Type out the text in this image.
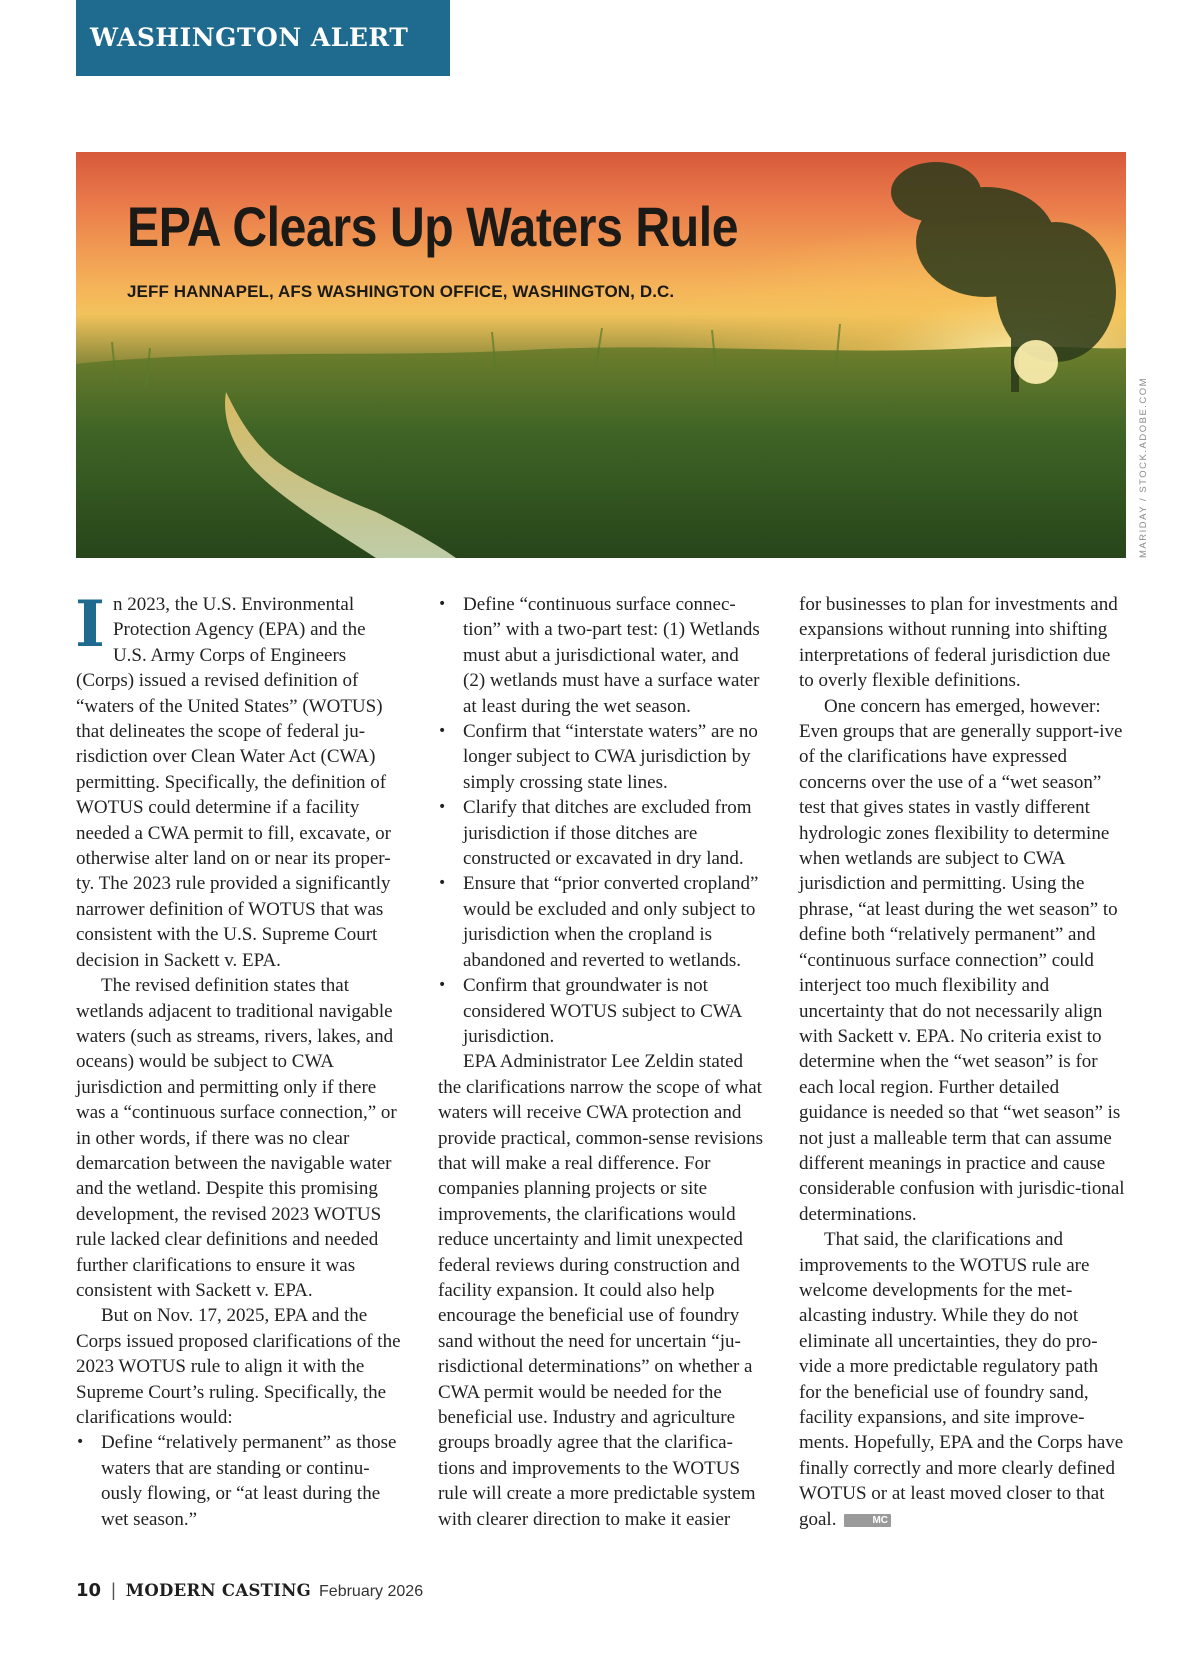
WASHINGTON ALERT
EPA Clears Up Waters Rule

JEFF HANNAPEL, AFS WASHINGTON OFFICE, WASHINGTON, D.C.

MARIDAY / STOCK.ADOBE.COM

In 2023, the U.S. Environmental Protection Agency (EPA) and the U.S. Army Corps of Engineers (Corps) issued a revised definition of “waters of the United States” (WOTUS) that delineates the scope of federal ju-risdiction over Clean Water Act (CWA) permitting. Specifically, the definition of WOTUS could determine if a facility needed a CWA permit to fill, excavate, or otherwise alter land on or near its proper-ty. The 2023 rule provided a significantly narrower definition of WOTUS that was consistent with the U.S. Supreme Court decision in Sackett v. EPA.

The revised definition states that wetlands adjacent to traditional navigable waters (such as streams, rivers, lakes, and oceans) would be subject to CWA jurisdiction and permitting only if there was a “continuous surface connection,” or in other words, if there was no clear demarcation between the navigable water and the wetland. Despite this promising development, the revised 2023 WOTUS rule lacked clear definitions and needed further clarifications to ensure it was consistent with Sackett v. EPA.

But on Nov. 17, 2025, EPA and the Corps issued proposed clarifications of the 2023 WOTUS rule to align it with the Supreme Court’s ruling. Specifically, the clarifications would:

• Define “relatively permanent” as those waters that are standing or continu-ously flowing, or “at least during the wet season.”
• Define “continuous surface connec-tion” with a two-part test: (1) Wetlands must abut a jurisdictional water, and (2) wetlands must have a surface water at least during the wet season.
• Confirm that “interstate waters” are no longer subject to CWA jurisdiction by simply crossing state lines.
• Clarify that ditches are excluded from jurisdiction if those ditches are constructed or excavated in dry land.
• Ensure that “prior converted cropland” would be excluded and only subject to jurisdiction when the cropland is abandoned and reverted to wetlands.
• Confirm that groundwater is not considered WOTUS subject to CWA jurisdiction.

EPA Administrator Lee Zeldin stated the clarifications narrow the scope of what waters will receive CWA protection and provide practical, common-sense revisions that will make a real difference. For companies planning projects or site improvements, the clarifications would reduce uncertainty and limit unexpected federal reviews during construction and facility expansion. It could also help encourage the beneficial use of foundry sand without the need for uncertain “ju-risdictional determinations” on whether a CWA permit would be needed for the beneficial use. Industry and agriculture groups broadly agree that the clarifica-tions and improvements to the WOTUS rule will create a more predictable system with clearer direction to make it easier

for businesses to plan for investments and expansions without running into shifting interpretations of federal jurisdiction due to overly flexible definitions.

One concern has emerged, however: Even groups that are generally support-ive of the clarifications have expressed concerns over the use of a “wet season” test that gives states in vastly different hydrologic zones flexibility to determine when wetlands are subject to CWA jurisdiction and permitting. Using the phrase, “at least during the wet season” to define both “relatively permanent” and “continuous surface connection” could interject too much flexibility and uncertainty that do not necessarily align with Sackett v. EPA. No criteria exist to determine when the “wet season” is for each local region. Further detailed guidance is needed so that “wet season” is not just a malleable term that can assume different meanings in practice and cause considerable confusion with jurisdic-tional determinations.

That said, the clarifications and improvements to the WOTUS rule are welcome developments for the met-alcasting industry. While they do not eliminate all uncertainties, they do pro-vide a more predictable regulatory path for the beneficial use of foundry sand, facility expansions, and site improve-ments. Hopefully, EPA and the Corps have finally correctly and more clearly defined WOTUS or at least moved closer to that goal.	MC

10 | MODERN CASTING February 2026
